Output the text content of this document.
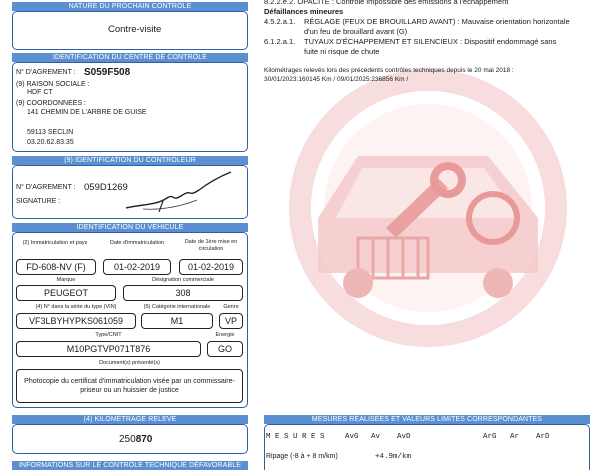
NATURE DU PROCHAIN CONTRÔLE
Contre-visite
IDENTIFICATION DU CENTRE DE CONTRÔLE
N° D'AGREMENT : S059F508
(9) RAISON SOCIALE :
HDF CT
(9) COORDONNEES :
141 CHEMIN DE L'ARBRE DE GUISE
59113 SECLIN
03.20.62.83.35
(9) IDENTIFICATION DU CONTRÔLEUR
N° D'AGREMENT : 059D1269
SIGNATURE :
IDENTIFICATION DU VÉHICULE
(2) Immatriculation et pays	Date d'immatriculation	Date de 1ère mise en circulation
FD-608-NV (F)	01-02-2019	01-02-2019
Marque	Désignation commerciale
PEUGEOT	308
(4) N° dans la série du type (VIN)	(5) Catégorie internationale	Genre
VF3LBYHYPKS061059	M1	VP
Type/CNIT	Energie
M10PGTVP071T876	GO
Document(s) présenté(s)
Photocopie du certificat d'immatriculation visée par un commissaire-priseur ou un huissier de justice
(4) KILOMÉTRAGE RELEVÉ
250870
INFORMATIONS SUR LE CONTRÔLE TECHNIQUE DÉFAVORABLE
8.2.2.e.2. OPACITE : Contrôle impossible des émissions à l'échappement
Défaillances mineures
4.5.2.a.1. RÉGLAGE (FEUX DE BROUILLARD AVANT) : Mauvaise orientation horizontale
d'un feu de brouillard avant (G)
6.1.2.a.1. TUYAUX D'ÉCHAPPEMENT ET SILENCIEUX : Dispositif endommagé sans
fuite ni risque de chute
Kilométrages relevés lors des précédents contrôles techniques depuis le 20 mai 2018 :
30/01/2023:160145 Km / 09/01/2025:236856 Km /
MESURES RÉALISÉES ET VALEURS LIMITES CORRESPONDANTES
M E S U R E S	AvG Av AvD	ArG Ar ArD
Ripage (-8 à + 8 m/km)	+4.9m/km
